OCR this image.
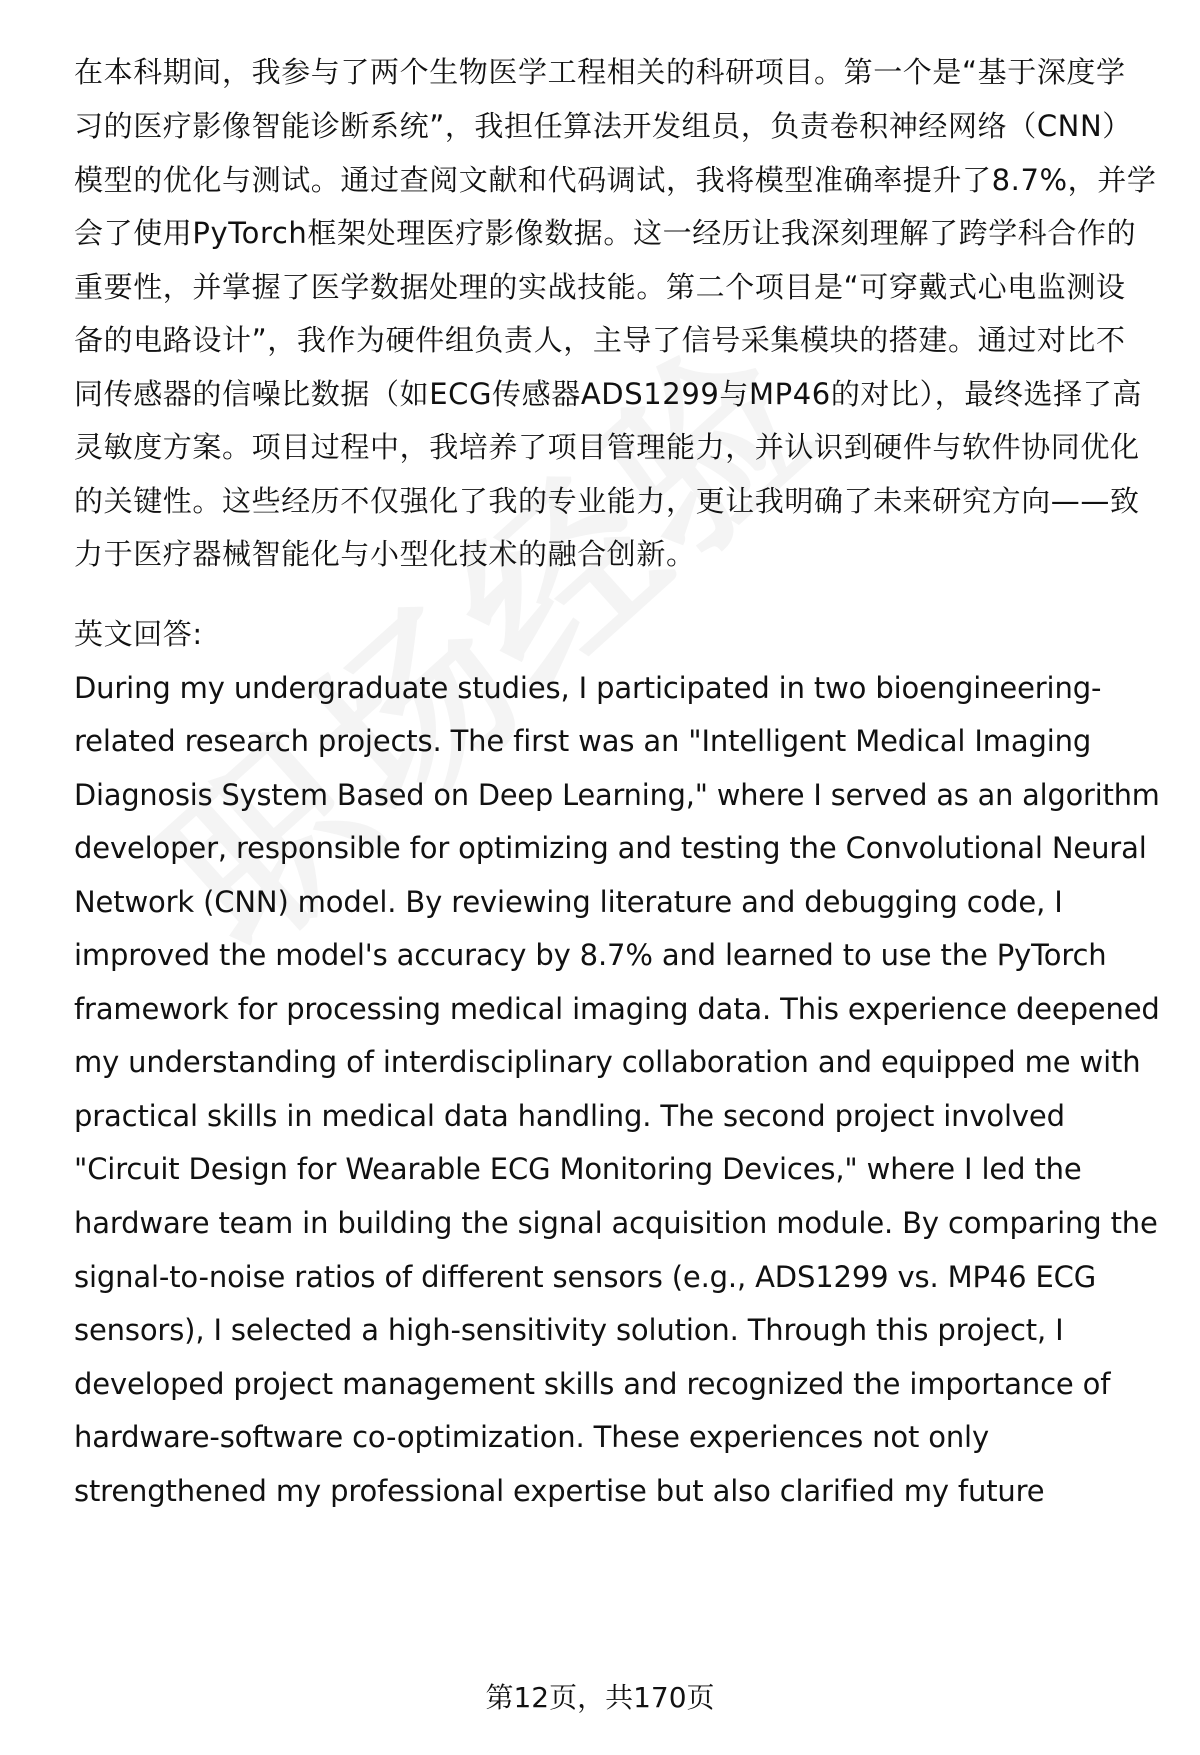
在本科期间，我参与了两个生物医学工程相关的科研项目。第一个是“基于深度学
习的医疗影像智能诊断系统”，我担任算法开发组员，负责卷积神经网络（CNN）
模型的优化与测试。通过查阅文献和代码调试，我将模型准确率提升了8.7%，并学
会了使用PyTorch框架处理医疗影像数据。这一经历让我深刻理解了跨学科合作的
重要性，并掌握了医学数据处理的实战技能。第二个项目是“可穿戴式心电监测设
备的电路设计”，我作为硬件组负责人，主导了信号采集模块的搭建。通过对比不
同传感器的信噪比数据（如ECG传感器ADS1299与MP46的对比），最终选择了高
灵敏度方案。项目过程中，我培养了项目管理能力，并认识到硬件与软件协同优化
的关键性。这些经历不仅强化了我的专业能力，更让我明确了未来研究方向——致
力于医疗器械智能化与小型化技术的融合创新。
英文回答:
During my undergraduate studies, I participated in two bioengineering-
related research projects. The first was an "Intelligent Medical Imaging
Diagnosis System Based on Deep Learning," where I served as an algorithm
developer, responsible for optimizing and testing the Convolutional Neural
Network (CNN) model. By reviewing literature and debugging code, I
improved the model's accuracy by 8.7% and learned to use the PyTorch
framework for processing medical imaging data. This experience deepened
my understanding of interdisciplinary collaboration and equipped me with
practical skills in medical data handling. The second project involved
"Circuit Design for Wearable ECG Monitoring Devices," where I led the
hardware team in building the signal acquisition module. By comparing the
signal-to-noise ratios of different sensors (e.g., ADS1299 vs. MP46 ECG
sensors), I selected a high-sensitivity solution. Through this project, I
developed project management skills and recognized the importance of
hardware-software co-optimization. These experiences not only
strengthened my professional expertise but also clarified my future
第12页，共170页
